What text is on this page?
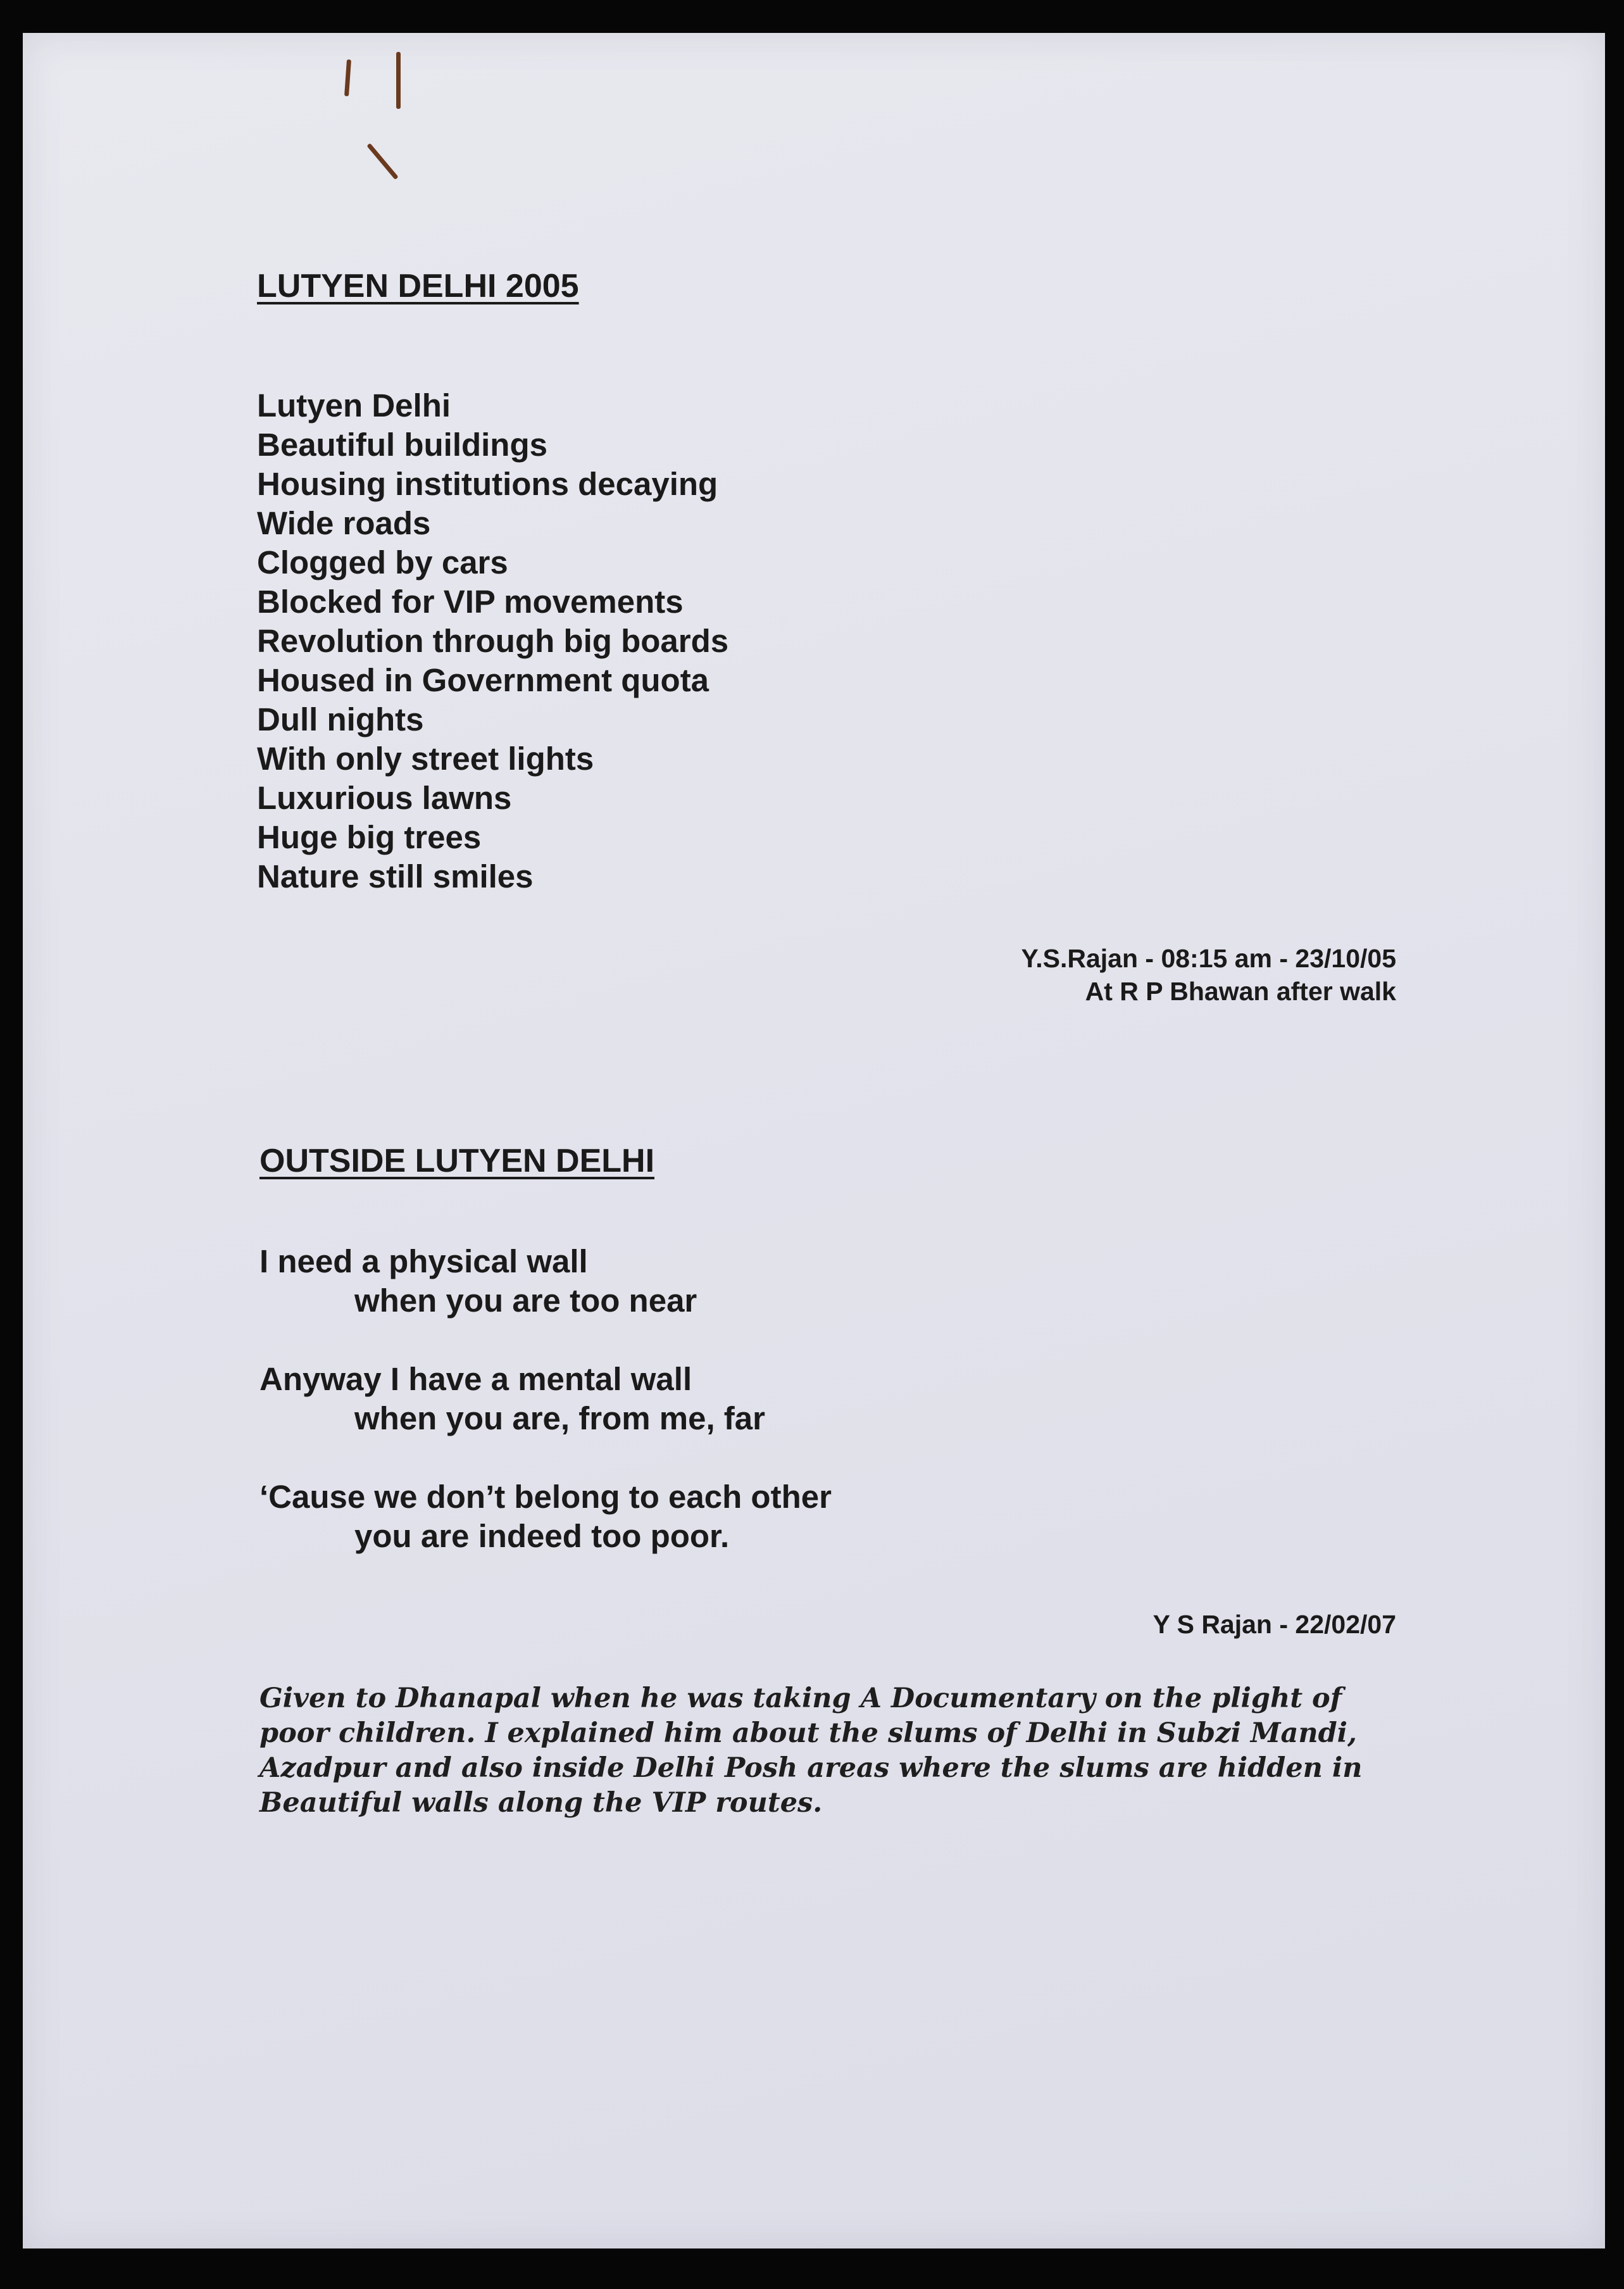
LUTYEN DELHI 2005
Lutyen Delhi
Beautiful buildings
Housing institutions decaying
Wide roads
Clogged by cars
Blocked for VIP movements
Revolution through big boards
Housed in Government quota
Dull nights
With only street lights
Luxurious lawns
Huge big trees
Nature still smiles
Y.S.Rajan - 08:15 am - 23/10/05
At R P Bhawan after walk
OUTSIDE LUTYEN DELHI
I need a physical wall
when you are too near
Anyway I have a mental wall
when you are, from me, far
‘Cause we don’t belong to each other
you are indeed too poor.
Y S Rajan - 22/02/07
Given to Dhanapal when he was taking A Documentary on the plight of
poor children. I explained him about the slums of Delhi in Subzi Mandi,
Azadpur and also inside Delhi Posh areas where the slums are hidden in
Beautiful walls along the VIP routes.
